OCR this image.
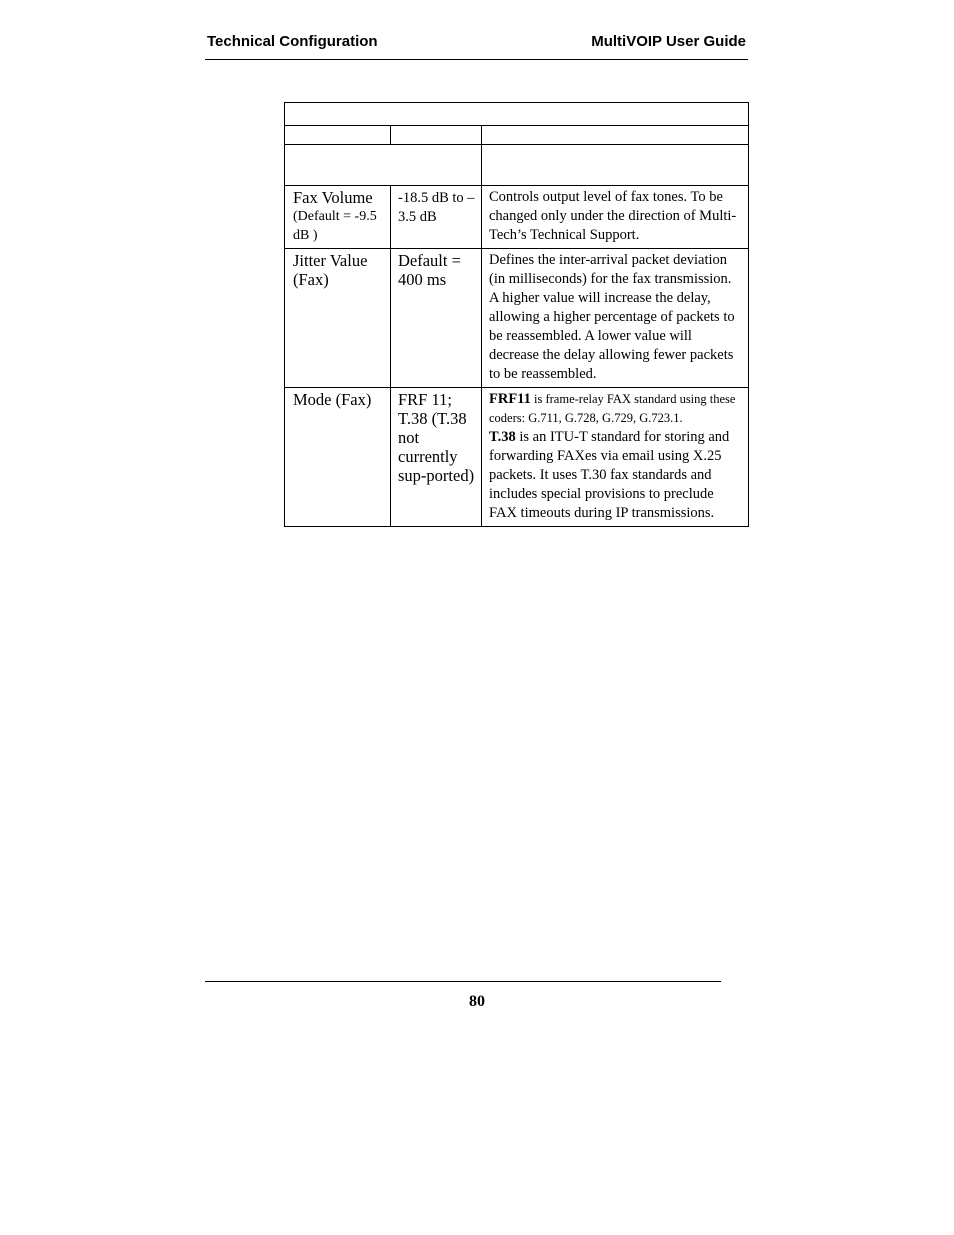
Technical Configuration	MultiVOIP User Guide

Fax Volume
(Default = -9.5 dB )	-18.5 dB to –3.5 dB	Controls output level of fax tones. To be changed only under the direction of Multi-Tech’s Technical Support.
Jitter Value (Fax)	Default = 400 ms	Defines the inter-arrival packet deviation (in milliseconds) for the fax transmission. A higher value will increase the delay, allowing a higher percentage of packets to be reassembled. A lower value will decrease the delay allowing fewer packets to be reassembled.
Mode (Fax)	FRF 11; T.38 (T.38 not currently sup-ported)	FRF11 is frame-relay FAX standard using these coders: G.711, G.728, G.729, G.723.1.
T.38 is an ITU-T standard for storing and forwarding FAXes via email using X.25 packets. It uses T.30 fax standards and includes special provisions to preclude FAX timeouts during IP transmissions.
80
